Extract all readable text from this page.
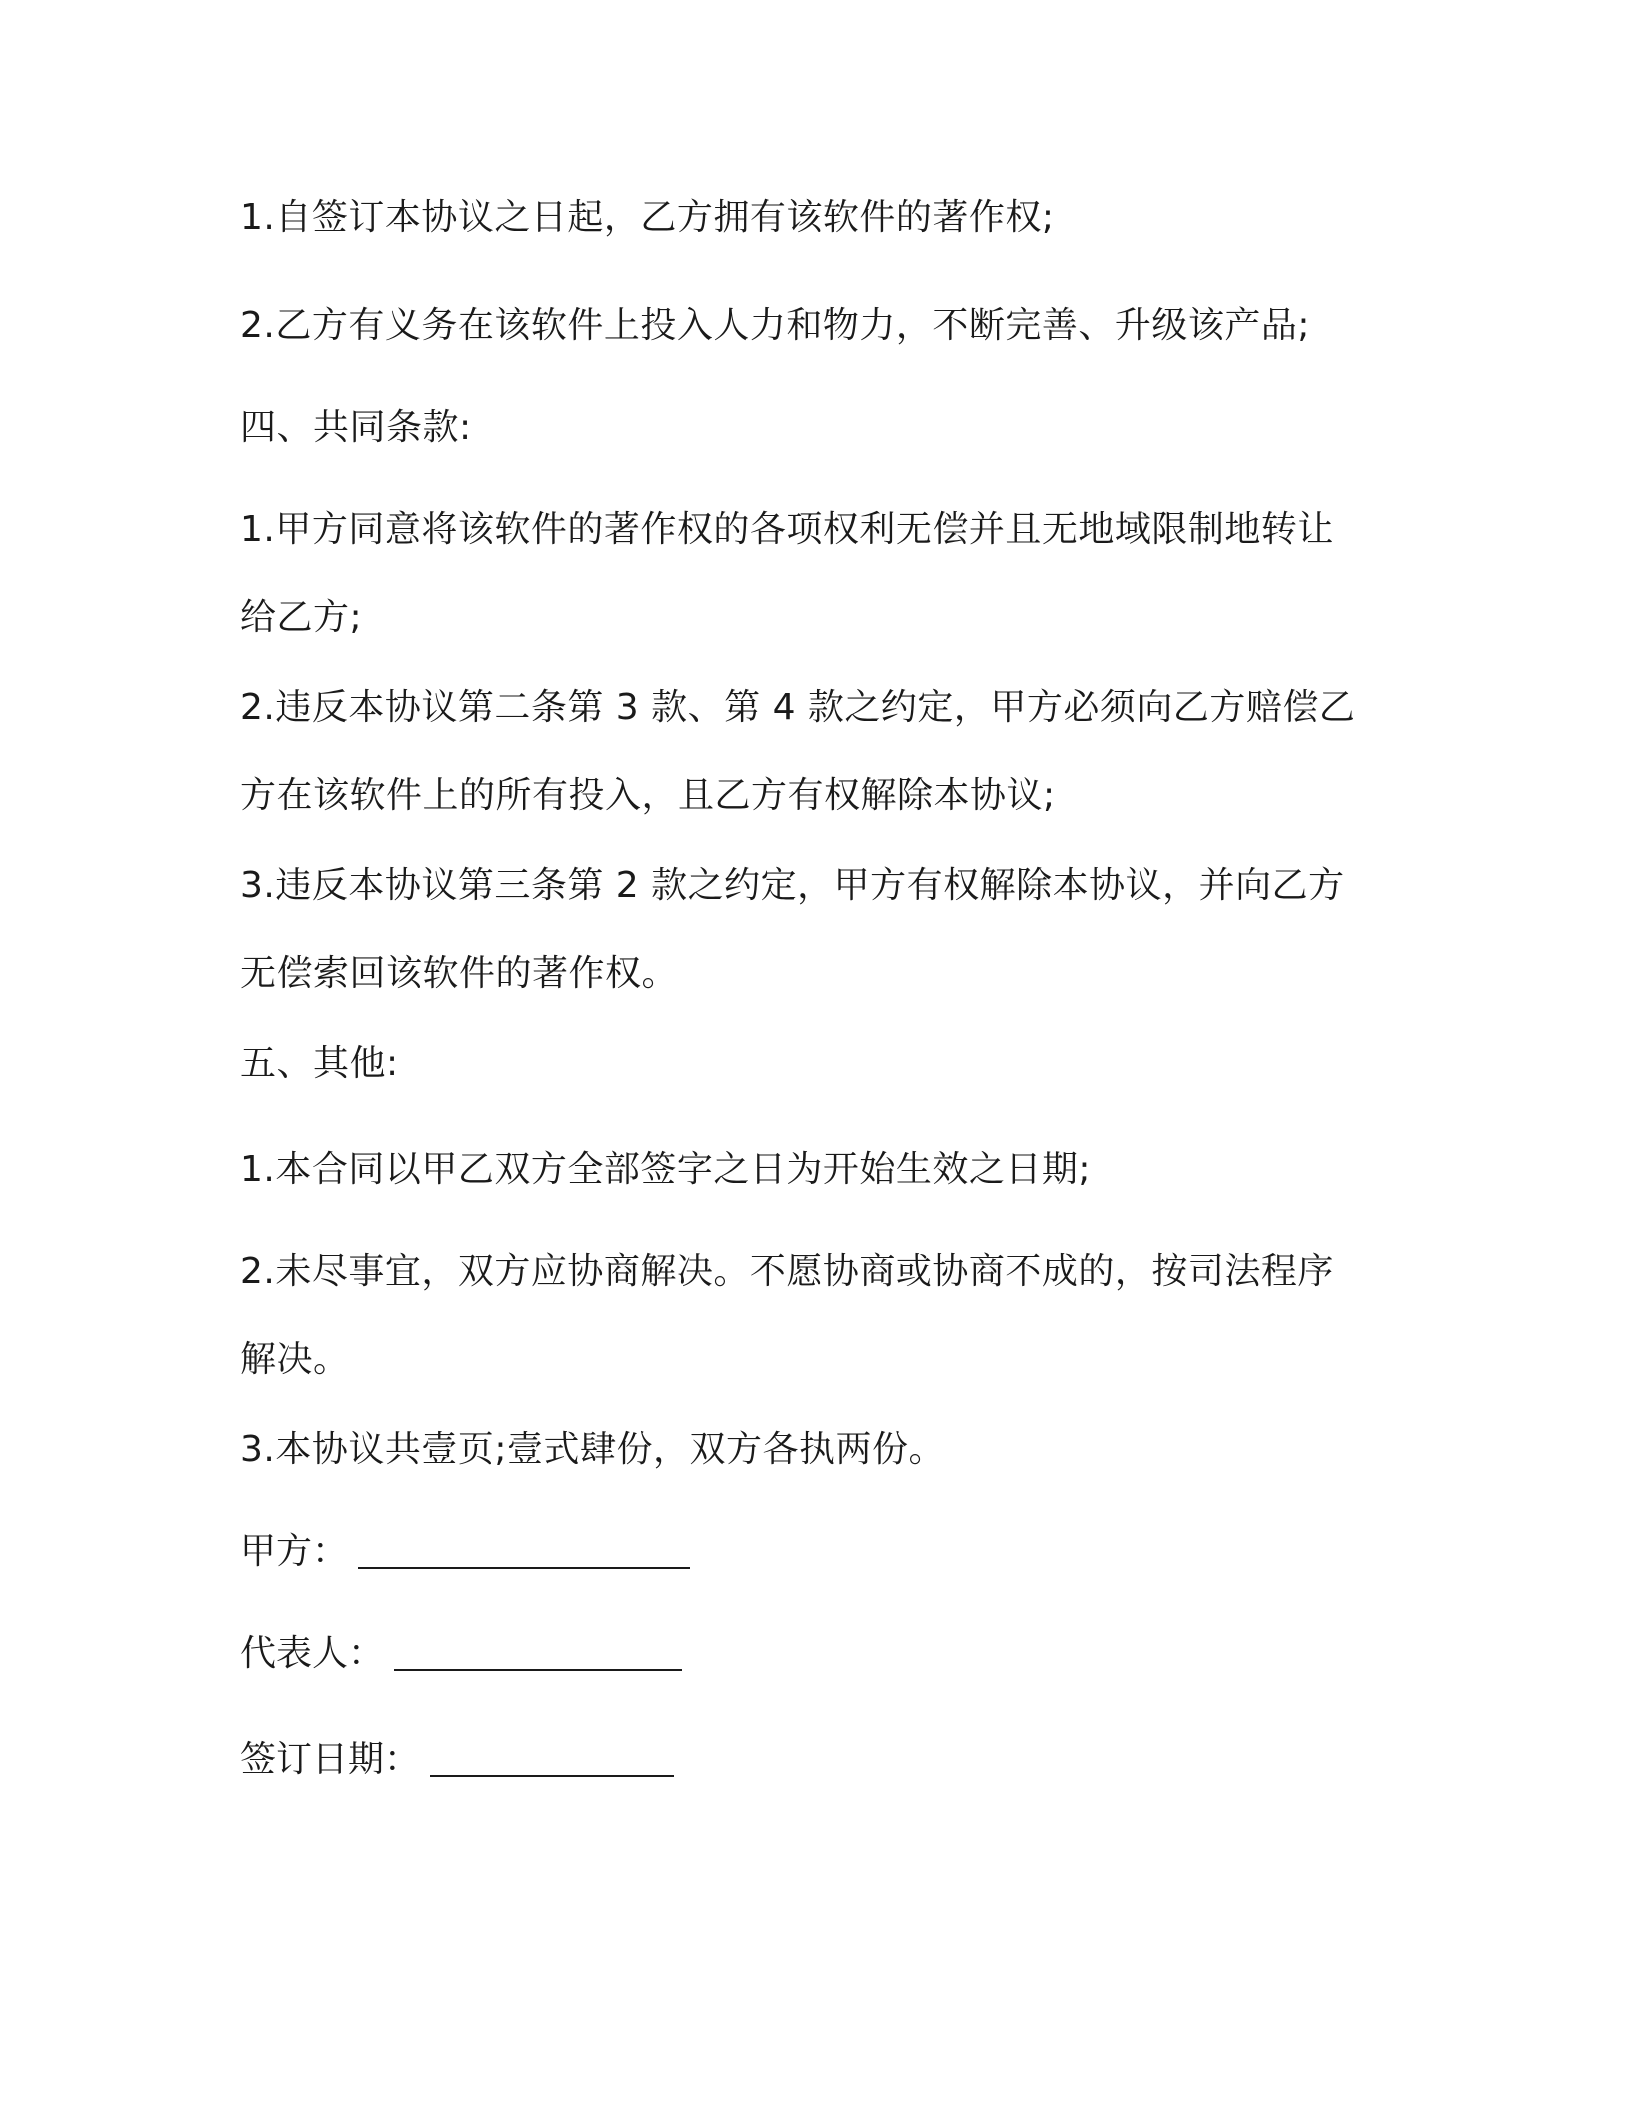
1.自签订本协议之日起，乙方拥有该软件的著作权;
2.乙方有义务在该软件上投入人力和物力，不断完善、升级该产品;
四、共同条款:
1.甲方同意将该软件的著作权的各项权利无偿并且无地域限制地转让
给乙方;
2.违反本协议第二条第 3 款、第 4 款之约定，甲方必须向乙方赔偿乙
方在该软件上的所有投入，且乙方有权解除本协议;
3.违反本协议第三条第 2 款之约定，甲方有权解除本协议，并向乙方
无偿索回该软件的著作权。
五、其他:
1.本合同以甲乙双方全部签字之日为开始生效之日期;
2.未尽事宜，双方应协商解决。不愿协商或协商不成的，按司法程序
解决。
3.本协议共壹页;壹式肆份，双方各执两份。
甲方：
代表人：
签订日期：
